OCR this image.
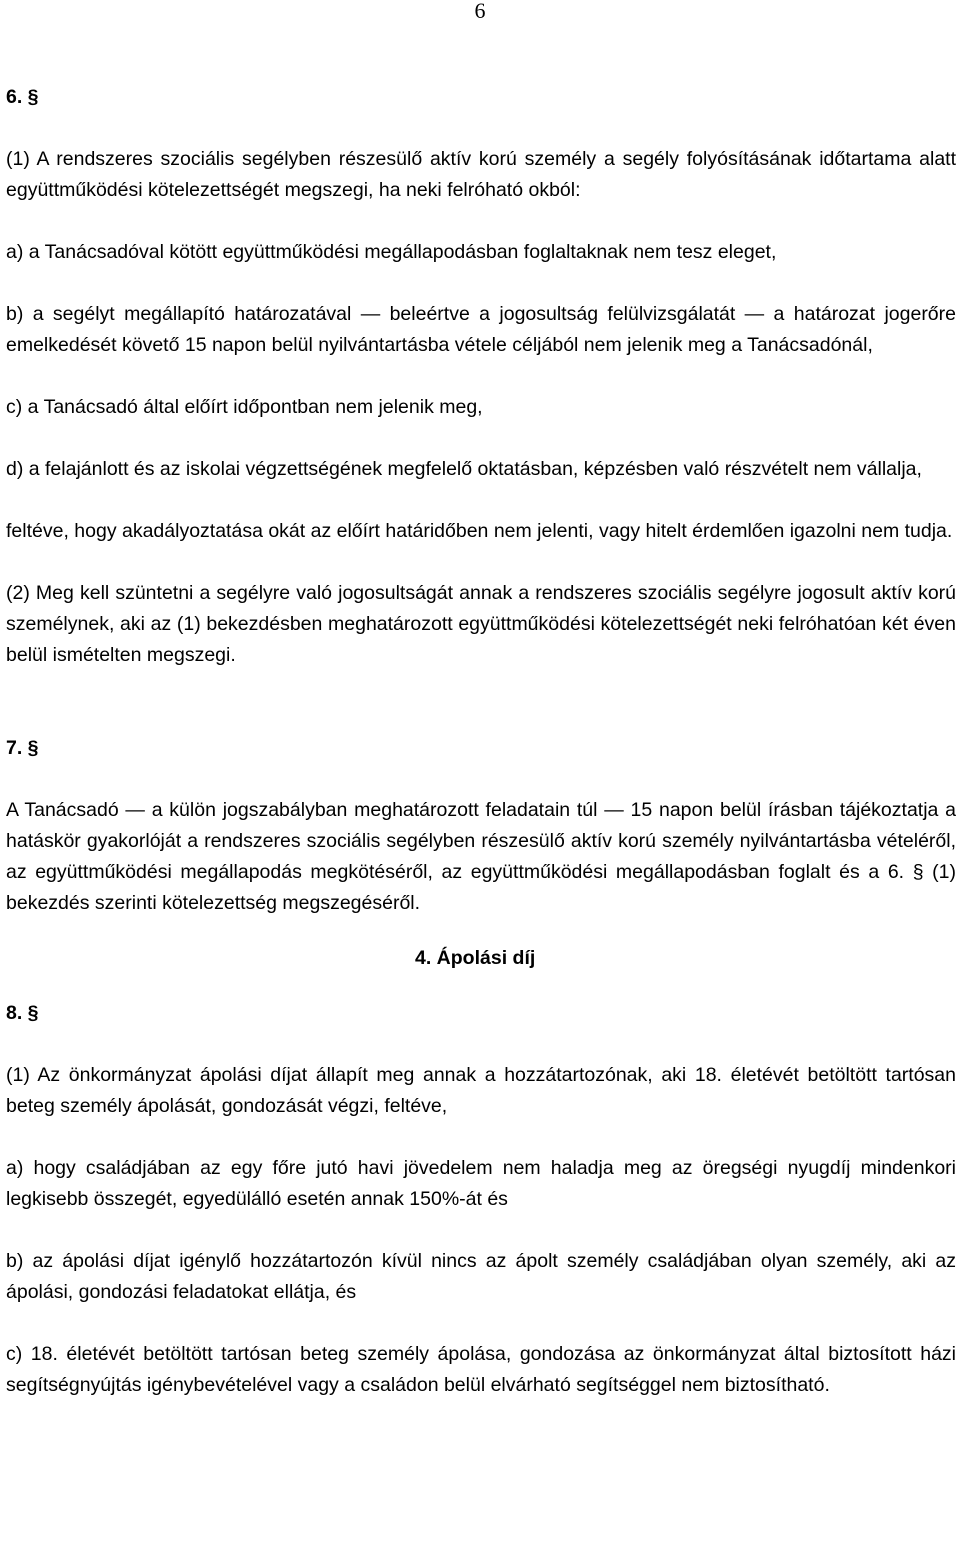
6

6. §

(1) A rendszeres szociális segélyben részesülő aktív korú személy a segély folyósításának időtartama alatt együttműködési kötelezettségét megszegi, ha neki felróható okból:

a) a Tanácsadóval kötött együttműködési megállapodásban foglaltaknak nem tesz eleget,

b) a segélyt megállapító határozatával ― beleértve a jogosultság felülvizsgálatát ― a határozat jogerőre emelkedését követő 15 napon belül nyilvántartásba vétele céljából nem jelenik meg a Tanácsadónál,

c) a Tanácsadó által előírt időpontban nem jelenik meg,

d) a felajánlott és az iskolai végzettségének megfelelő oktatásban, képzésben való részvételt nem vállalja,

feltéve, hogy akadályoztatása okát az előírt határidőben nem jelenti, vagy hitelt érdemlően igazolni nem tudja.

(2) Meg kell szüntetni a segélyre való jogosultságát annak a rendszeres szociális segélyre jogosult aktív korú személynek, aki az (1) bekezdésben meghatározott együttműködési kötelezettségét neki felróhatóan két éven belül ismételten megszegi.

7. §

A Tanácsadó ― a külön jogszabályban meghatározott feladatain túl ― 15 napon belül írásban tájékoztatja a hatáskör gyakorlóját a rendszeres szociális segélyben részesülő aktív korú személy nyilvántartásba vételéről, az együttműködési megállapodás megkötéséről, az együttműködési megállapodásban foglalt és a 6. § (1) bekezdés szerinti kötelezettség megszegéséről.

4. Ápolási díj

8. §

(1) Az önkormányzat ápolási díjat állapít meg annak a hozzátartozónak, aki 18. életévét betöltött tartósan beteg személy ápolását, gondozását végzi, feltéve,

a) hogy családjában az egy főre jutó havi jövedelem nem haladja meg az öregségi nyugdíj mindenkori legkisebb összegét, egyedülálló esetén annak 150%-át és

b) az ápolási díjat igénylő hozzátartozón kívül nincs az ápolt személy családjában olyan személy, aki az ápolási, gondozási feladatokat ellátja, és

c) 18. életévét betöltött tartósan beteg személy ápolása, gondozása az önkormányzat által biztosított házi segítségnyújtás igénybevételével vagy a családon belül elvárható segítséggel nem biztosítható.
